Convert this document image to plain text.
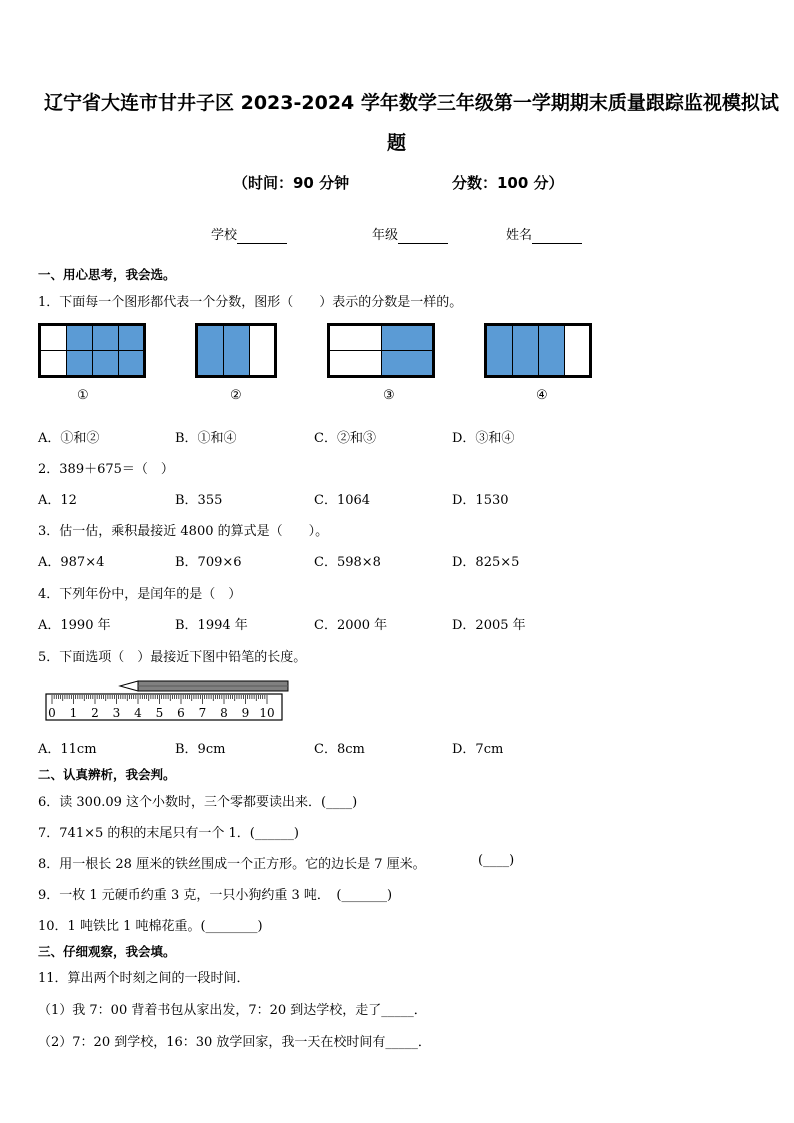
辽宁省大连市甘井子区 2023-2024 学年数学三年级第一学期期末质量跟踪监视模拟试
题
（时间：90 分钟	分数：100 分）
学校	年级	姓名
一、用心思考，我会选。
1．下面每一个图形都代表一个分数，图形（　　）表示的分数是一样的。
①	②	③	④
A．①和②	B．①和④	C．②和③	D．③和④
2．389＋675＝（　）
A．12	B．355	C．1064	D．1530
3．估一估，乘积最接近 4800 的算式是（　　）。
A．987×4	B．709×6	C．598×8	D．825×5
4．下列年份中，是闰年的是（　）
A．1990 年	B．1994 年	C．2000 年	D．2005 年
5．下面选项（　）最接近下图中铅笔的长度。
0 1 2 3 4 5 6 7 8 9 10
A．11cm	B．9cm	C．8cm	D．7cm
二、认真辨析，我会判。
6．读 300.09 这个小数时，三个零都要读出来．(____)
7．741×5 的积的末尾只有一个 1．(______)
8．用一根长 28 厘米的铁丝围成一个正方形。它的边长是 7 厘米。	(____)
9．一枚 1 元硬币约重 3 克，一只小狗约重 3 吨．　(_______)
10．1 吨铁比 1 吨棉花重。(________)
三、仔细观察，我会填。
11．算出两个时刻之间的一段时间．
（1）我 7：00 背着书包从家出发，7：20 到达学校，走了_____．
（2）7：20 到学校，16：30 放学回家，我一天在校时间有_____．
